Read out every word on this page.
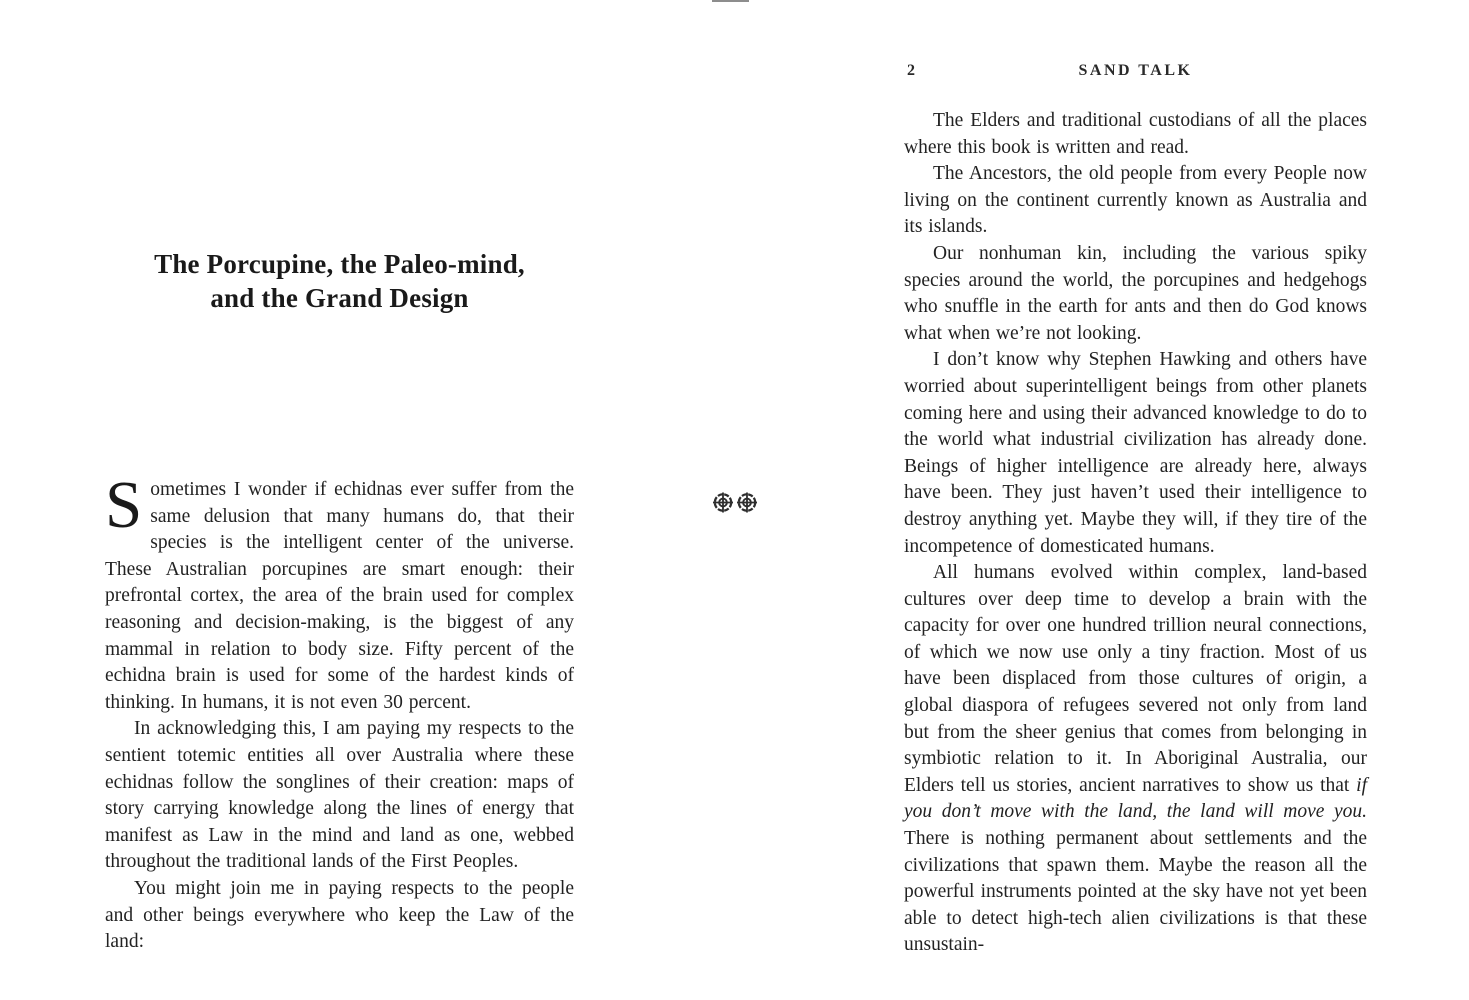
The Porcupine, the Paleo-mind,
and the Grand Design

Sometimes I wonder if echidnas ever suffer from the same delusion that many humans do, that their species is the intelligent center of the universe. These Australian porcupines are smart enough: their prefrontal cortex, the area of the brain used for complex reasoning and decision-making, is the biggest of any mammal in relation to body size. Fifty percent of the echidna brain is used for some of the hardest kinds of thinking. In humans, it is not even 30 percent.

In acknowledging this, I am paying my respects to the sentient totemic entities all over Australia where these echidnas follow the songlines of their creation: maps of story carrying knowledge along the lines of energy that manifest as Law in the mind and land as one, webbed throughout the traditional lands of the First Peoples.

You might join me in paying respects to the people and other beings everywhere who keep the Law of the land:

2	SAND TALK

The Elders and traditional custodians of all the places where this book is written and read.

The Ancestors, the old people from every People now living on the continent currently known as Australia and its islands.

Our nonhuman kin, including the various spiky species around the world, the porcupines and hedgehogs who snuffle in the earth for ants and then do God knows what when we’re not looking.

I don’t know why Stephen Hawking and others have worried about superintelligent beings from other planets coming here and using their advanced knowledge to do to the world what industrial civilization has already done. Beings of higher intelligence are already here, always have been. They just haven’t used their intelligence to destroy anything yet. Maybe they will, if they tire of the incompetence of domesticated humans.

All humans evolved within complex, land-based cultures over deep time to develop a brain with the capacity for over one hundred trillion neural connections, of which we now use only a tiny fraction. Most of us have been displaced from those cultures of origin, a global diaspora of refugees severed not only from land but from the sheer genius that comes from belonging in symbiotic relation to it. In Aboriginal Australia, our Elders tell us stories, ancient narratives to show us that if you don’t move with the land, the land will move you. There is nothing permanent about settlements and the civilizations that spawn them. Maybe the reason all the powerful instruments pointed at the sky have not yet been able to detect high-tech alien civilizations is that these unsustain-
